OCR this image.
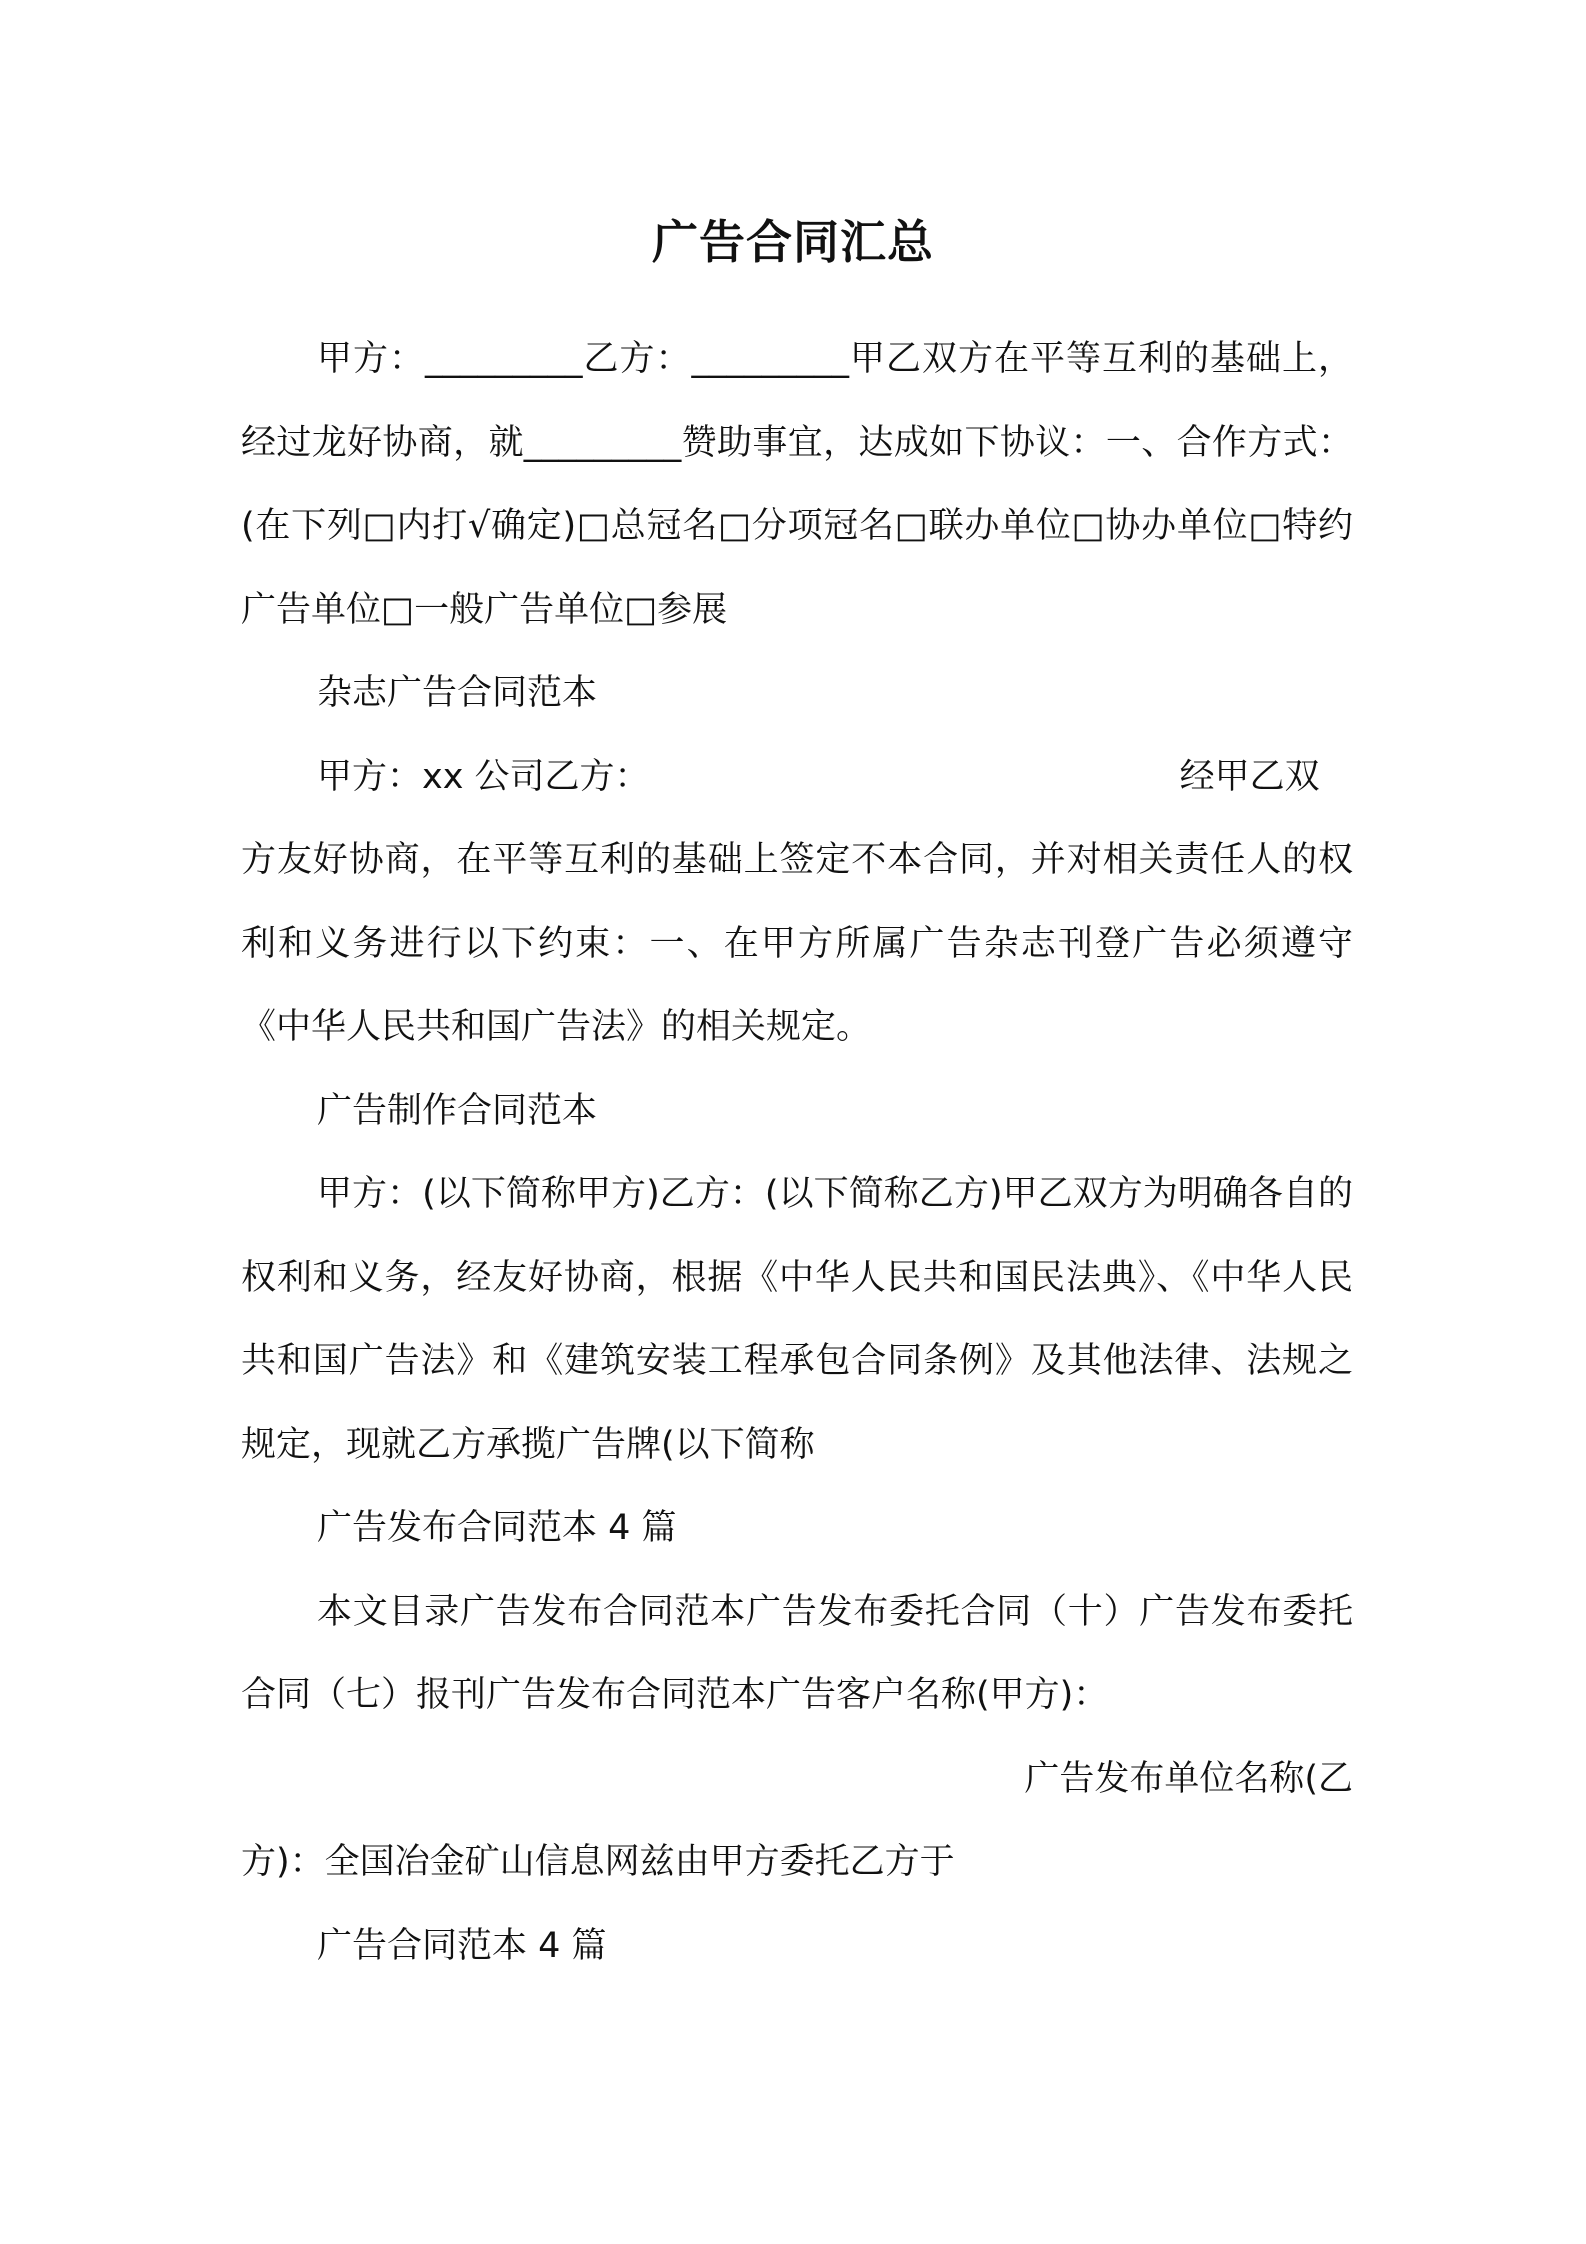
广告合同汇总

甲方：_________乙方：_________甲乙双方在平等互利的基础上，经过龙好协商，就_________赞助事宜，达成如下协议：一、合作方式：(在下列□内打√确定)□总冠名□分项冠名□联办单位□协办单位□特约广告单位□一般广告单位□参展

杂志广告合同范本

甲方：xx 公司乙方：	经甲乙双

方友好协商，在平等互利的基础上签定不本合同，并对相关责任人的权利和义务进行以下约束：一、在甲方所属广告杂志刊登广告必须遵守《中华人民共和国广告法》的相关规定。

广告制作合同范本

甲方：(以下简称甲方)乙方：(以下简称乙方)甲乙双方为明确各自的权利和义务，经友好协商，根据《中华人民共和国民法典》、《中华人民共和国广告法》和《建筑安装工程承包合同条例》及其他法律、法规之规定，现就乙方承揽广告牌(以下简称

广告发布合同范本 4 篇

本文目录广告发布合同范本广告发布委托合同（十）广告发布委托合同（七）报刊广告发布合同范本广告客户名称(甲方)：

广告发布单位名称(乙

方)：全国冶金矿山信息网兹由甲方委托乙方于

广告合同范本 4 篇
